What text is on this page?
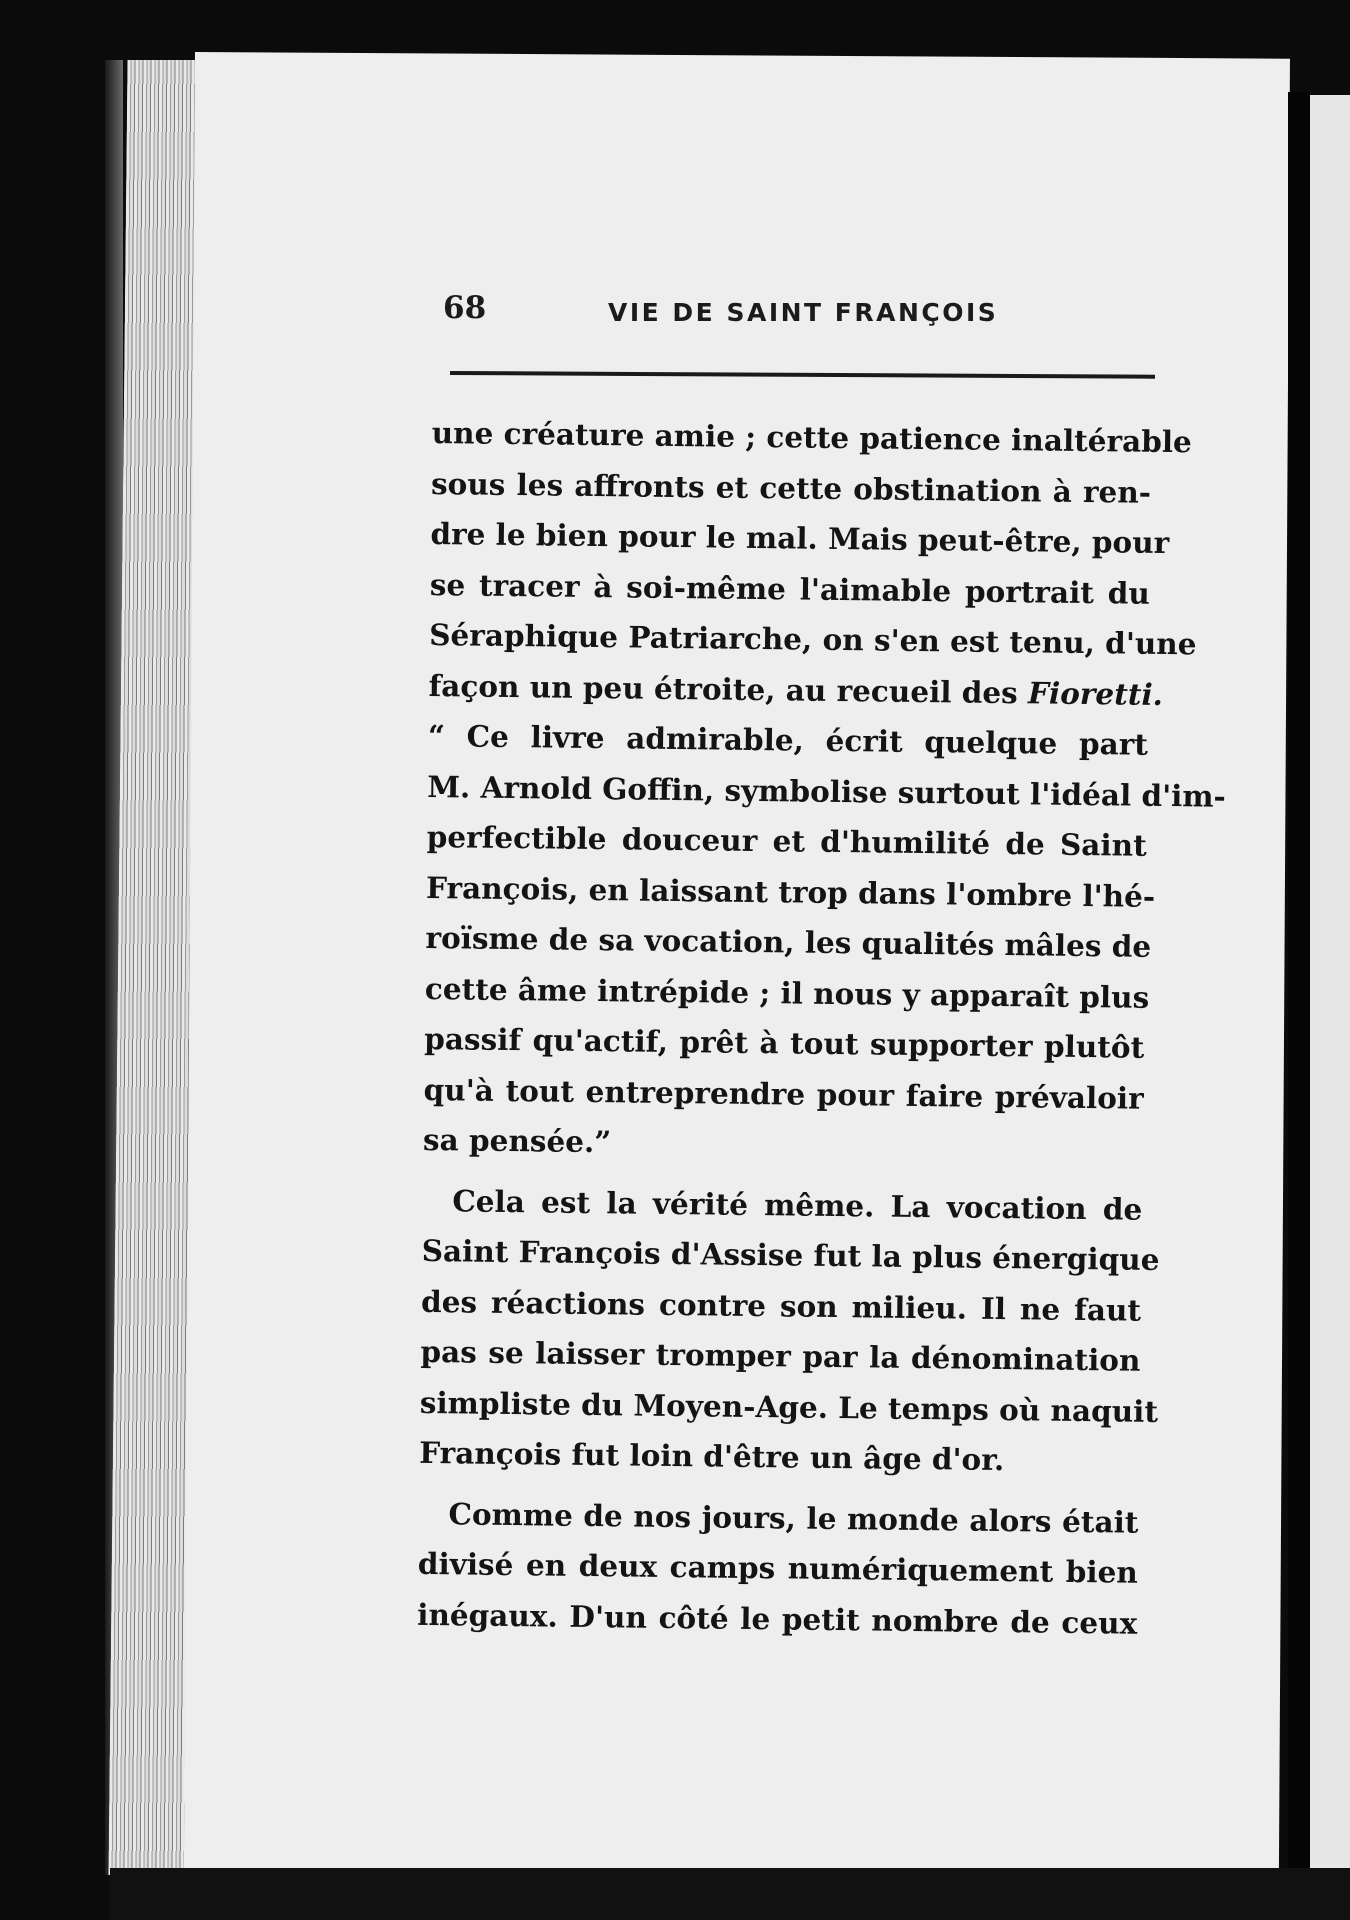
68	VIE DE SAINT FRANÇOIS

une créature amie ; cette patience inaltérable
sous les affronts et cette obstination à ren-
dre le bien pour le mal. Mais peut-être, pour
se tracer à soi-même l'aimable portrait du
Séraphique Patriarche, on s'en est tenu, d'une
façon un peu étroite, au recueil des Fioretti.
“ Ce livre admirable, écrit quelque part
M. Arnold Goffin, symbolise surtout l'idéal d'im-
perfectible douceur et d'humilité de Saint
François, en laissant trop dans l'ombre l'hé-
roïsme de sa vocation, les qualités mâles de
cette âme intrépide ; il nous y apparaît plus
passif qu'actif, prêt à tout supporter plutôt
qu'à tout entreprendre pour faire prévaloir
sa pensée.”

Cela est la vérité même. La vocation de
Saint François d'Assise fut la plus énergique
des réactions contre son milieu. Il ne faut
pas se laisser tromper par la dénomination
simpliste du Moyen-Age. Le temps où naquit
François fut loin d'être un âge d'or.

Comme de nos jours, le monde alors était
divisé en deux camps numériquement bien
inégaux. D'un côté le petit nombre de ceux
